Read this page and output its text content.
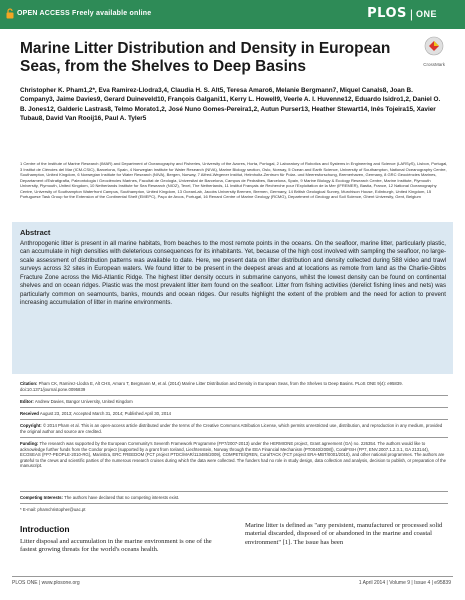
OPEN ACCESS Freely available online	PLOS | ONE
CrossMark
Marine Litter Distribution and Density in European Seas, from the Shelves to Deep Basins
Christopher K. Pham1,2*, Eva Ramirez-Llodra3,4, Claudia H. S. Alt5, Teresa Amaro6, Melanie Bergmann7, Miquel Canals8, Joan B. Company3, Jaime Davies9, Gerard Duineveld10, François Galgani11, Kerry L. Howell9, Veerle A. I. Huvenne12, Eduardo Isidro1,2, Daniel O. B. Jones12, Galderic Lastras8, Telmo Morato1,2, José Nuno Gomes-Pereira1,2, Autun Purser13, Heather Stewart14, Inês Tojeira15, Xavier Tubau8, David Van Rooij16, Paul A. Tyler5
1 Centre of the Institute of Marine Research (IMAR) and Department of Oceanography and Fisheries, University of the Azores, Horta, Portugal, 2 Laboratory of Robotics and Systems in Engineering and Science (LARSyS), Lisbon, Portugal, 3 Institut de Ciències del Mar (ICM-CSIC), Barcelona, Spain, 4 Norwegian Institute for Water Research (NIVA), Marine Biology section, Oslo, Norway, 5 Ocean and Earth Science, University of Southampton, National Oceanography Centre, Southampton, United Kingdom, 6 Norwegian Institute for Water Research (NIVA), Bergen, Norway, 7 Alfred-Wegener Institut, Helmholtz-Zentrum für Polar- und Meeresforschung, Bremerhaven, Germany, 8 GRC Geociències Marines, Departament d'Estratigrafia, Paleontologia i Geociències Marines, Facultat de Geologia, Universitat de Barcelona, Campus de Pedralbes, Barcelona, Spain, 9 Marine Biology & Ecology Research Centre, Marine Institute, Plymouth University, Plymouth, United Kingdom, 10 Netherlands Institute for Sea Research (NIOZ), Texel, The Netherlands, 11 Institut Français de Recherche pour l'Exploitation de la Mer (IFREMER), Bastia, France, 12 National Oceanography Centre, University of Southampton Waterfront Campus, Southampton, United Kingdom, 13 OceanLab, Jacobs University Bremen, Bremen, Germany, 14 British Geological Survey, Murchison House, Edinburgh, United Kingdom, 15 Portuguese Task Group for the Extension of the Continental Shelf (EMEPC), Paço de Arcos, Portugal, 16 Renard Centre of Marine Geology (RCMG), Department of Geology and Soil Science, Ghent University, Gent, Belgium
Abstract
Anthropogenic litter is present in all marine habitats, from beaches to the most remote points in the oceans. On the seafloor, marine litter, particularly plastic, can accumulate in high densities with deleterious consequences for its inhabitants. Yet, because of the high cost involved with sampling the seafloor, no large-scale assessment of distribution patterns was available to date. Here, we present data on litter distribution and density collected during 588 video and trawl surveys across 32 sites in European waters. We found litter to be present in the deepest areas and at locations as remote from land as the Charlie-Gibbs Fracture Zone across the Mid-Atlantic Ridge. The highest litter density occurs in submarine canyons, whilst the lowest density can be found on continental shelves and on ocean ridges. Plastic was the most prevalent litter item found on the seafloor. Litter from fishing activities (derelict fishing lines and nets) was particularly common on seamounts, banks, mounds and ocean ridges. Our results highlight the extent of the problem and the need for action to prevent increasing accumulation of litter in marine environments.
Citation: Pham CK, Ramirez-Llodra E, Alt CHS, Amaro T, Bergmann M, et al. (2014) Marine Litter Distribution and Density in European Seas, from the Shelves to Deep Basins. PLoS ONE 9(4): e95839. doi:10.1371/journal.pone.0095839
Editor: Andrew Davies, Bangor University, United Kingdom
Received August 23, 2013; Accepted March 31, 2014; Published April 30, 2014
Copyright: © 2014 Pham et al. This is an open-access article distributed under the terms of the Creative Commons Attribution License, which permits unrestricted use, distribution, and reproduction in any medium, provided the original author and source are credited.
Funding: The research was supported by the European Community's Seventh Framework Programme (FP7/2007-2013) under the HERMIONE project, Grant agreement (GA) no. 226354. The authors would like to acknowledge further funds from the Condor project (supported by a grant from Iceland, Liechtenstein, Norway through the EEA Financial Mechanism (PT0040/2008)), CoralFISH (FP7, ENV.2007.1.2.3.1, GA 213144), ECOSEAS (FP7-PEOPLE-2010-RG), MarinEra, ERC FREEDOM (FCT project PTDC/MAR/113485/2009), COMPETE/QREN, CoralTACK (FCT project ERA-MBT/0001/2010), and other national programmes. The authors are grateful to the crews and scientific parties of the numerous research cruises during which the data were collected. The funders had no role in study design, data collection and analysis, decision to publish, or preparation of the manuscript.
Competing Interests: The authors have declared that no competing interests exist.
* E-mail: phamchristopher@uac.pt
Introduction
Litter disposal and accumulation in the marine environment is one of the fastest growing threats for the world's oceans health.
Marine litter is defined as "any persistent, manufactured or processed solid material discarded, disposed of or abandoned in the marine and coastal environment" [1]. The issue has been
PLOS ONE | www.plosone.org	1 April 2014 | Volume 9 | Issue 4 | e95839
